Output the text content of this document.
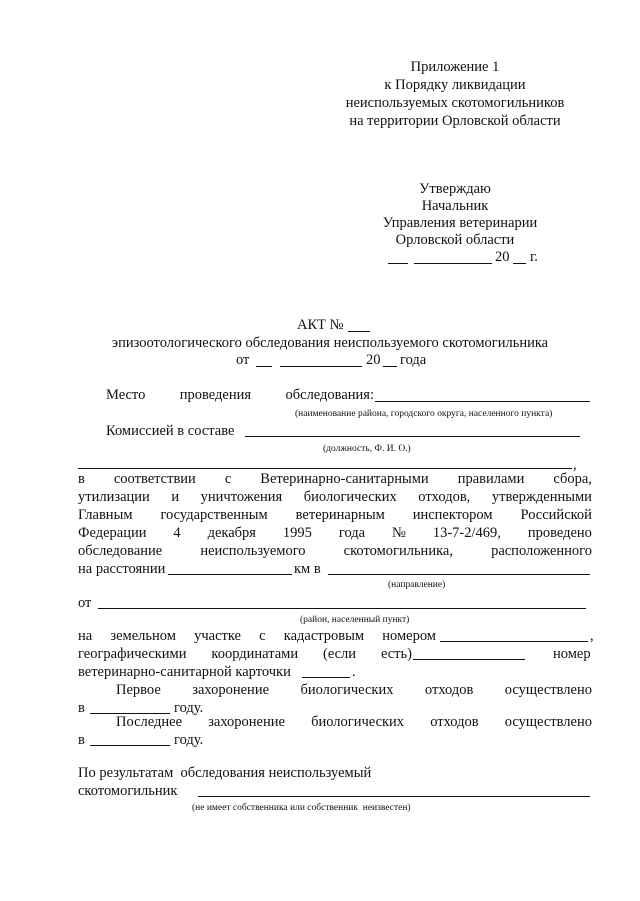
Приложение 1
к Порядку ликвидации
неиспользуемых скотомогильников
на территории Орловской области
Утверждаю
Начальник
Управления ветеринарии
Орловской области
20 г.
АКТ №
эпизоотологического обследования неиспользуемого скотомогильника
от	20 года
Место проведения обследования:
(наименование района, городского округа, населенного пункта)
Комиссией в составе
(должность, Ф. И. О.)
,
в соответствии с Ветеринарно-санитарными правилами сбора,
утилизации и уничтожения биологических отходов, утвержденными
Главным государственным ветеринарным инспектором Российской
Федерации 4 декабря 1995 года № 13-7-2/469, проведено
обследование	неиспользуемого	скотомогильника,	расположенного
на расстоянии	км в
(направление)
от
(район, населенный пункт)
на земельном участке с кадастровым номером	,
географическими координатами (если есть)	номер
ветеринарно-санитарной карточки	.
Первое захоронение биологических отходов осуществлено
в	году.
Последнее захоронение биологических отходов осуществлено
в	году.
По результатам  обследования неиспользуемый
скотомогильник
(не имеет собственника или собственник  неизвестен)
